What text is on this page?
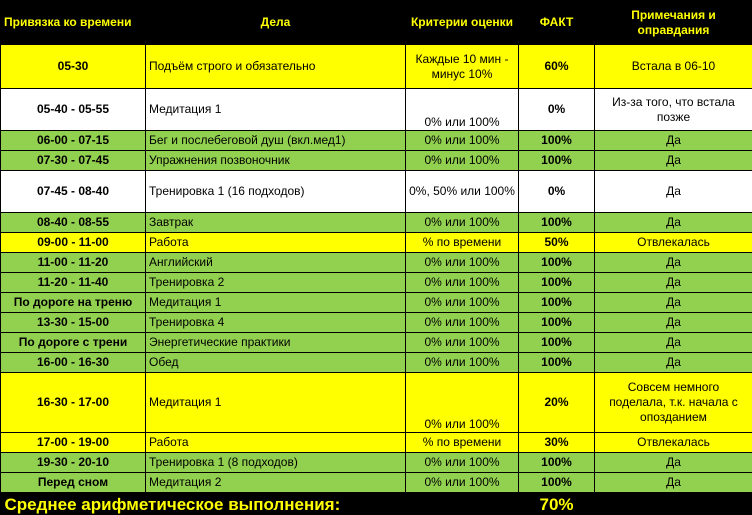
Привязка ко времени	Дела	Критерии оценки	ФАКТ	Примечания и оправдания
05-30	Подъём строго и обязательно	Каждые 10 мин - минус 10%	60%	Встала в 06-10
05-40 - 05-55	Медитация 1	0% или 100%	0%	Из-за того, что встала позже
06-00 - 07-15	Бег и послебеговой душ (вкл.мед1)	0% или 100%	100%	Да
07-30 - 07-45	Упражнения позвоночник	0% или 100%	100%	Да
07-45 - 08-40	Тренировка 1 (16 подходов)	0%, 50% или 100%	0%	Да
08-40 - 08-55	Завтрак	0% или 100%	100%	Да
09-00 - 11-00	Работа	% по времени	50%	Отвлекалась
11-00 - 11-20	Английский	0% или 100%	100%	Да
11-20 - 11-40	Тренировка 2	0% или 100%	100%	Да
По дороге на треню	Медитация 1	0% или 100%	100%	Да
13-30 - 15-00	Тренировка 4	0% или 100%	100%	Да
По дороге с трени	Энергетические практики	0% или 100%	100%	Да
16-00 - 16-30	Обед	0% или 100%	100%	Да
16-30 - 17-00	Медитация 1	0% или 100%	20%	Совсем немного поделала, т.к. начала с опозданием
17-00 - 19-00	Работа	% по времени	30%	Отвлекалась
19-30 - 20-10	Тренировка 1 (8 подходов)	0% или 100%	100%	Да
Перед сном	Медитация 2	0% или 100%	100%	Да
Среднее арифметическое выполнения:			70%	
